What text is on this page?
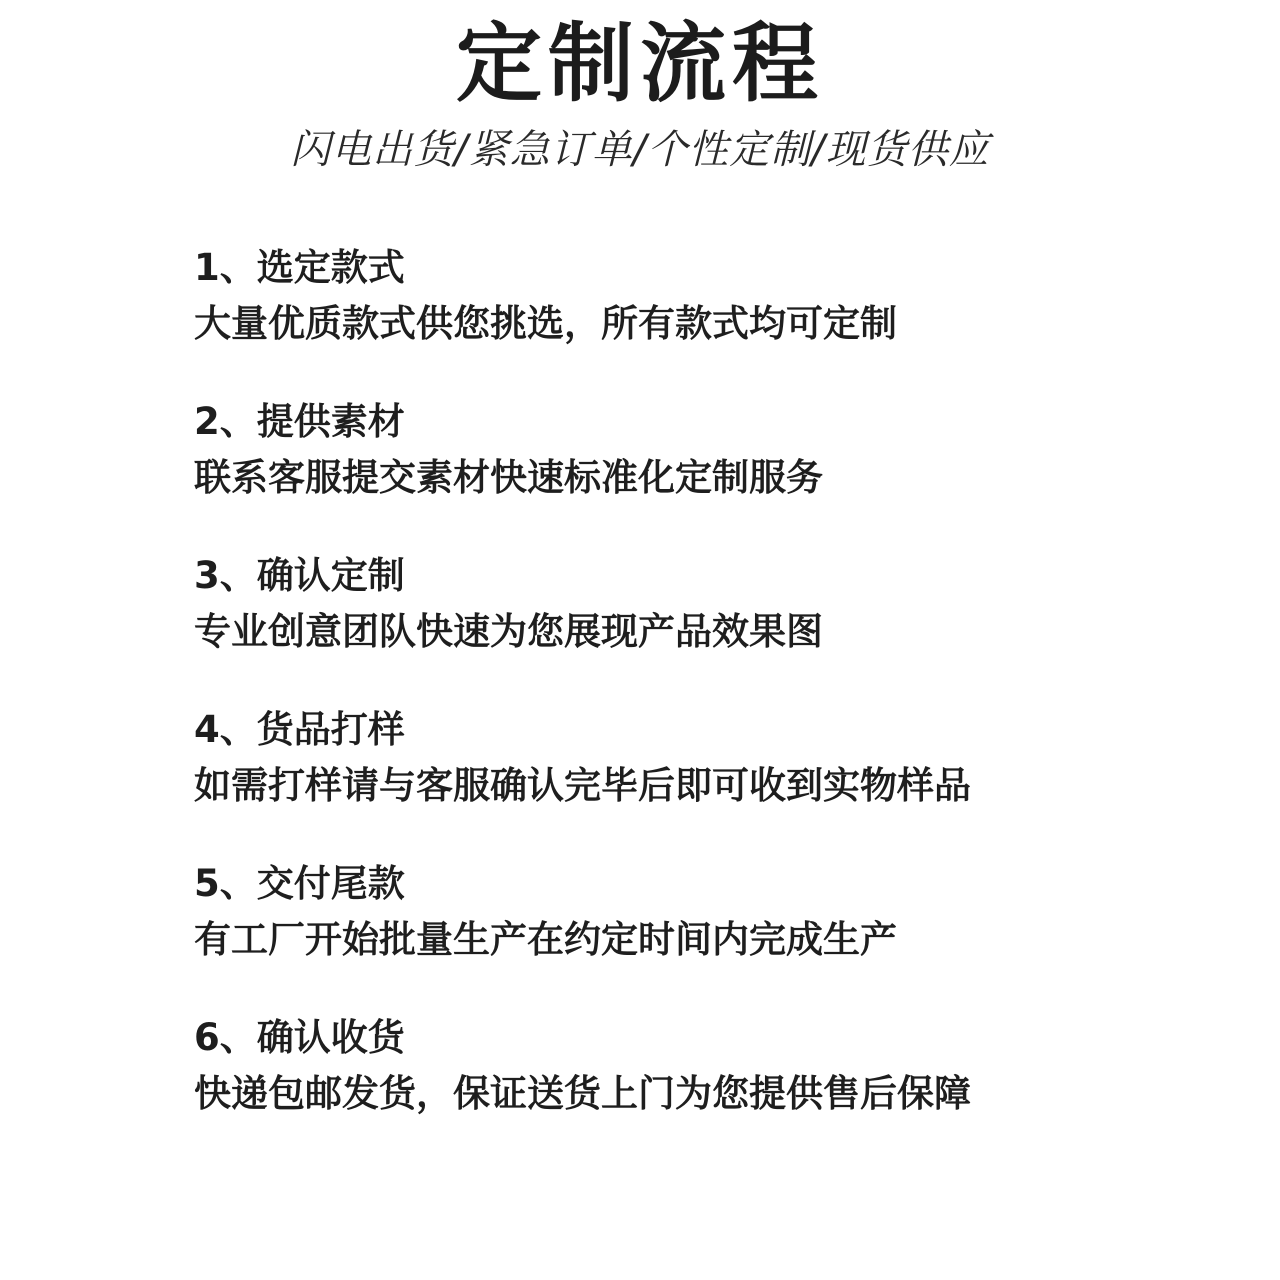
定制流程
闪电出货/紧急订单/个性定制/现货供应
1、选定款式
大量优质款式供您挑选，所有款式均可定制
2、提供素材
联系客服提交素材快速标准化定制服务
3、确认定制
专业创意团队快速为您展现产品效果图
4、货品打样
如需打样请与客服确认完毕后即可收到实物样品
5、交付尾款
有工厂开始批量生产在约定时间内完成生产
6、确认收货
快递包邮发货，保证送货上门为您提供售后保障
